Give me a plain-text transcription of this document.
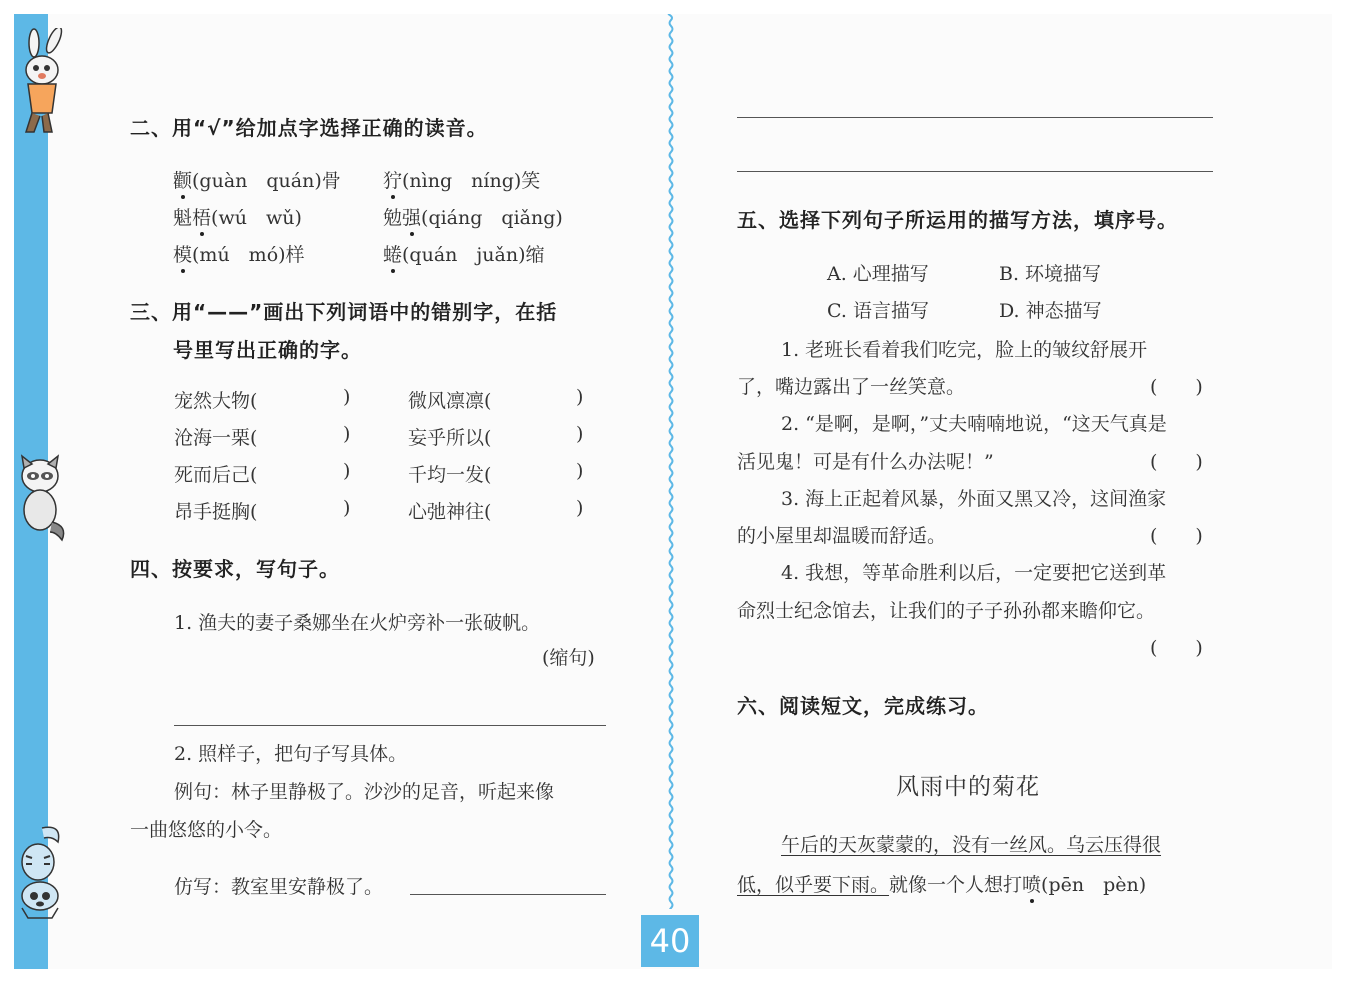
二、用“√”给加点字选择正确的读音。
颧(guàn　quán)骨 狞(nìng　níng)笑
魁梧(wú　wǔ)	勉强(qiáng　qiǎng)
模(mú　mó)样	蜷(quán　juǎn)缩
三、用“——”画出下列词语中的错别字，在括
号里写出正确的字。
宠然大物(	)	微风凛凛(	)
沧海一栗(	)	妄乎所以(	)
死而后己(	)	千均一发(	)
昂手挺胸(	)	心弛神往(	)
四、按要求，写句子。
1. 渔夫的妻子桑娜坐在火炉旁补一张破帆。
(缩句)
2. 照样子，把句子写具体。
例句：林子里静极了。沙沙的足音，听起来像
一曲悠悠的小令。
仿写：教室里安静极了。
五、选择下列句子所运用的描写方法，填序号。
A. 心理描写	B. 环境描写
C. 语言描写	D. 神态描写
1. 老班长看着我们吃完，脸上的皱纹舒展开
了，嘴边露出了一丝笑意。	(　　)
2. “是啊，是啊，”丈夫喃喃地说，“这天气真是
活见鬼！可是有什么办法呢！”	(　　)
3. 海上正起着风暴，外面又黑又冷，这间渔家
的小屋里却温暖而舒适。	(　　)
4. 我想，等革命胜利以后，一定要把它送到革
命烈士纪念馆去，让我们的子子孙孙都来瞻仰它。
(　　)
六、阅读短文，完成练习。
风雨中的菊花
午后的天灰蒙蒙的，没有一丝风。乌云压得很
低，似乎要下雨。就像一个人想打喷(pēn　pèn)
40
